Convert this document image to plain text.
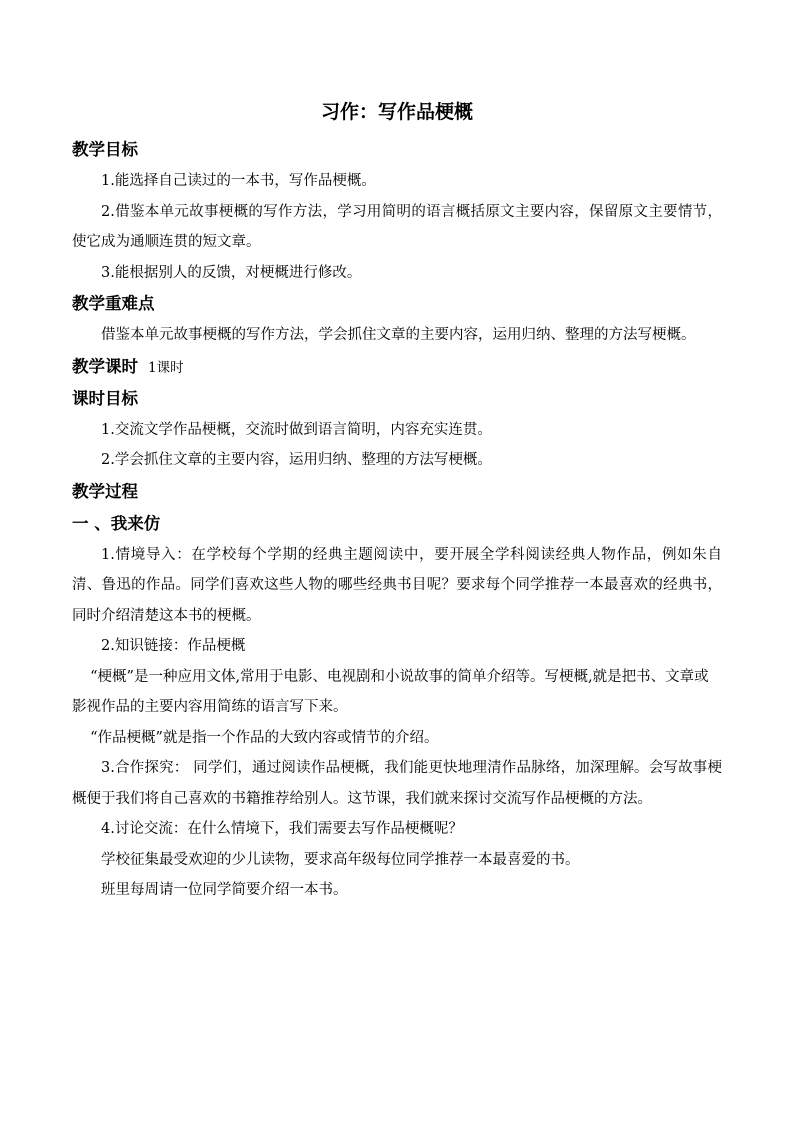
习作：写作品梗概
教学目标

1.能选择自己读过的一本书，写作品梗概。

2.借鉴本单元故事梗概的写作方法，学习用简明的语言概括原文主要内容，保留原文主要情节，使它成为通顺连贯的短文章。

3.能根据别人的反馈，对梗概进行修改。

教学重难点

借鉴本单元故事梗概的写作方法，学会抓住文章的主要内容，运用归纳、整理的方法写梗概。

教学课时 1课时
课时目标

1.交流文学作品梗概，交流时做到语言简明，内容充实连贯。

2.学会抓住文章的主要内容，运用归纳、整理的方法写梗概。

教学过程
一 、我来仿

1.情境导入：在学校每个学期的经典主题阅读中，要开展全学科阅读经典人物作品，例如朱自清、鲁迅的作品。同学们喜欢这些人物的哪些经典书目呢？要求每个同学推荐一本最喜欢的经典书，同时介绍清楚这本书的梗概。

2.知识链接：作品梗概

“梗概”是一种应用文体,常用于电影、电视剧和小说故事的简单介绍等。写梗概,就是把书、文章或影视作品的主要内容用简练的语言写下来。

“作品梗概”就是指一个作品的大致内容或情节的介绍。

3.合作探究： 同学们，通过阅读作品梗概，我们能更快地理清作品脉络，加深理解。会写故事梗概便于我们将自己喜欢的书籍推荐给别人。这节课，我们就来探讨交流写作品梗概的方法。

4.讨论交流：在什么情境下，我们需要去写作品梗概呢？

学校征集最受欢迎的少儿读物，要求高年级每位同学推荐一本最喜爱的书。

班里每周请一位同学简要介绍一本书。
